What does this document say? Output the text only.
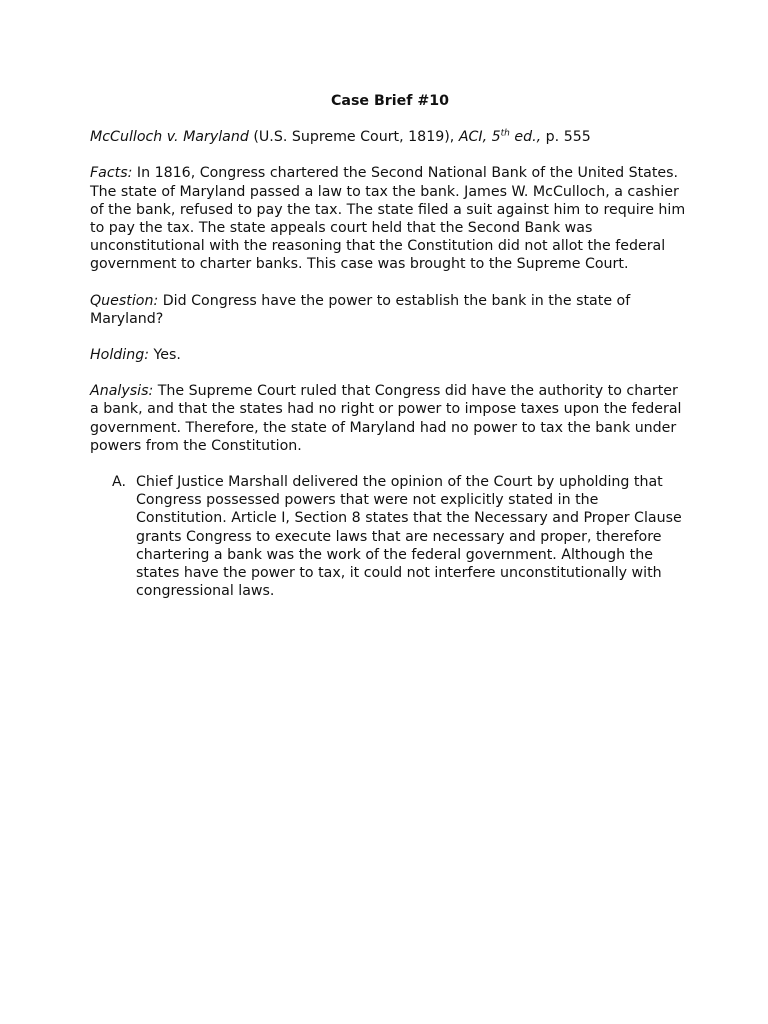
Case Brief #10

McCulloch v. Maryland (U.S. Supreme Court, 1819), ACI, 5th ed., p. 555

Facts: In 1816, Congress chartered the Second National Bank of the United States. The state of Maryland passed a law to tax the bank. James W. McCulloch, a cashier of the bank, refused to pay the tax. The state filed a suit against him to require him to pay the tax. The state appeals court held that the Second Bank was unconstitutional with the reasoning that the Constitution did not allot the federal government to charter banks. This case was brought to the Supreme Court.

Question: Did Congress have the power to establish the bank in the state of Maryland?

Holding: Yes.

Analysis: The Supreme Court ruled that Congress did have the authority to charter a bank, and that the states had no right or power to impose taxes upon the federal government. Therefore, the state of Maryland had no power to tax the bank under powers from the Constitution.

A. Chief Justice Marshall delivered the opinion of the Court by upholding that Congress possessed powers that were not explicitly stated in the Constitution. Article I, Section 8 states that the Necessary and Proper Clause grants Congress to execute laws that are necessary and proper, therefore chartering a bank was the work of the federal government. Although the states have the power to tax, it could not interfere unconstitutionally with congressional laws.
